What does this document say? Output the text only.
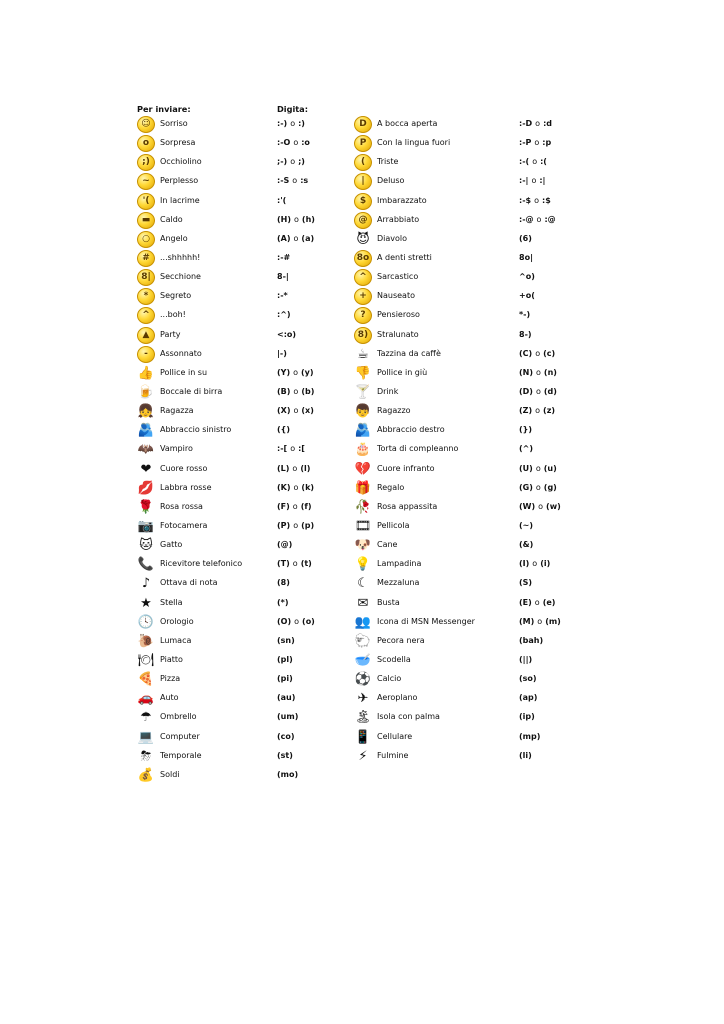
Per inviare:	Digita:
☺	Sorriso	:-) o :)
o	Sorpresa	:-O o :o
;)	Occhiolino	;-) o ;)
~	Perplesso	:-S o :s
'(	In lacrime	:'(
▬	Caldo	(H) o (h)
○	Angelo	(A) o (a)
#	...shhhhh!	:-#
8|	Secchione	8-|
*	Segreto	:-*
^	...boh!	:^)
▲	Party	<:o)
-	Assonnato	|-)
👍 Pollice in su	(Y) o (y)
🍺 Boccale di birra	(B) o (b)
👧 Ragazza	(X) o (x)
🫂 Abbraccio sinistro	({)
🦇 Vampiro	:-[ o :[
❤	Cuore rosso	(L) o (l)
💋 Labbra rosse	(K) o (k)
🌹 Rosa rossa	(F) o (f)
📷 Fotocamera	(P) o (p)
🐱 Gatto	(@)
📞 Ricevitore telefonico	(T) o (t)
♪	Ottava di nota	(8)
★	Stella	(*)
🕓 Orologio	(O) o (o)
🐌 Lumaca	(sn)
🍽 Piatto	(pl)
🍕 Pizza	(pi)
🚗 Auto	(au)
☂	Ombrello	(um)
💻 Computer	(co)
⛈	Temporale	(st)
💰 Soldi	(mo)
D	A bocca aperta	:-D o :d
P	Con la lingua fuori	:-P o :p
(	Triste	:-( o :(
|	Deluso	:-| o :|
$	Imbarazzato	:-$ o :$
@	Arrabbiato	:-@ o :@
😈 Diavolo	(6)
8o A denti stretti	8o|
^	Sarcastico	^o)
+	Nauseato	+o(
?	Pensieroso	*-)
8)	Stralunato	8-)
☕	Tazzina da caffè	(C) o (c)
👎 Pollice in giù	(N) o (n)
🍸 Drink	(D) o (d)
👦 Ragazzo	(Z) o (z)
🫂 Abbraccio destro	(})
🎂 Torta di compleanno	(^)
💔 Cuore infranto	(U) o (u)
🎁 Regalo	(G) o (g)
🥀 Rosa appassita	(W) o (w)
🎞 Pellicola	(~)
🐶 Cane	(&)
💡 Lampadina	(I) o (i)
☾	Mezzaluna	(S)
✉	Busta	(E) o (e)
👥 Icona di MSN Messenger	(M) o (m)
🐑 Pecora nera	(bah)
🥣 Scodella	(||)
⚽ Calcio	(so)
✈	Aeroplano	(ap)
🏝 Isola con palma	(ip)
📱 Cellulare	(mp)
⚡	Fulmine	(li)
